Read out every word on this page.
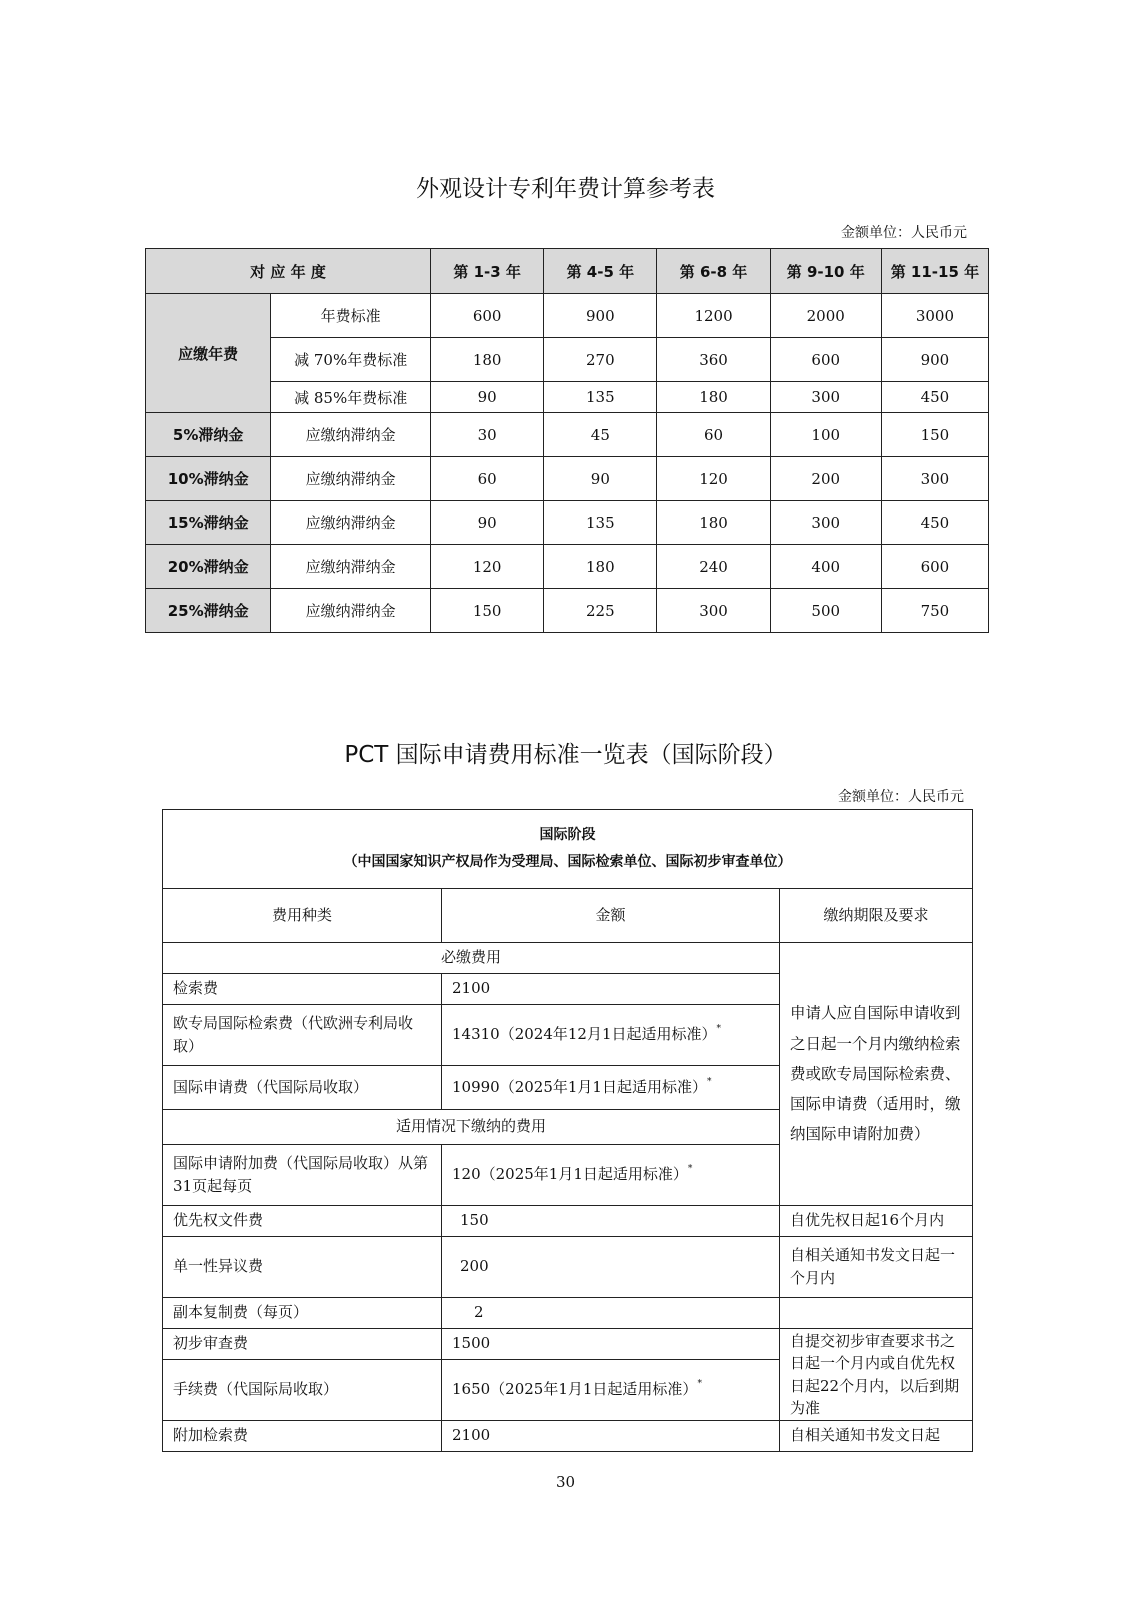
外观设计专利年费计算参考表
金额单位：人民币元
对 应 年 度		第 1-3 年	第 4-5 年	第 6-8 年	第 9-10 年	第 11-15 年
应缴年费	年费标准	600	900	1200	2000	3000
	减 70%年费标准	180	270	360	600	900
	减 85%年费标准	90	135	180	300	450
5%滞纳金	应缴纳滞纳金	30	45	60	100	150
10%滞纳金	应缴纳滞纳金	60	90	120	200	300
15%滞纳金	应缴纳滞纳金	90	135	180	300	450
20%滞纳金	应缴纳滞纳金	120	180	240	400	600
25%滞纳金	应缴纳滞纳金	150	225	300	500	750
PCT 国际申请费用标准一览表（国际阶段）
金额单位：人民币元
国际阶段
（中国国家知识产权局作为受理局、国际检索单位、国际初步审查单位）		

费用种类	金额	缴纳期限及要求
必缴费用		申请人应自国际申请收到之日起一个月内缴纳检索费或欧专局国际检索费、国际申请费（适用时，缴纳国际申请附加费）
检索费	2100	
欧专局国际检索费（代欧洲专利局收取）	14310（2024年12月1日起适用标准）*
国际申请费（代国际局收取）	10990（2025年1月1日起适用标准）*
适用情况下缴纳的费用		
国际申请附加费（代国际局收取）从第31页起每页	120（2025年1月1日起适用标准）*
优先权文件费	150	自优先权日起16个月内
单一性异议费	200	自相关通知书发文日起一个月内
副本复制费（每页）	2	
初步审查费	1500	自提交初步审查要求书之日起一个月内或自优先权日起22个月内，以后到期为准
手续费（代国际局收取）	1650（2025年1月1日起适用标准）*
附加检索费	2100	自相关通知书发文日起
30
